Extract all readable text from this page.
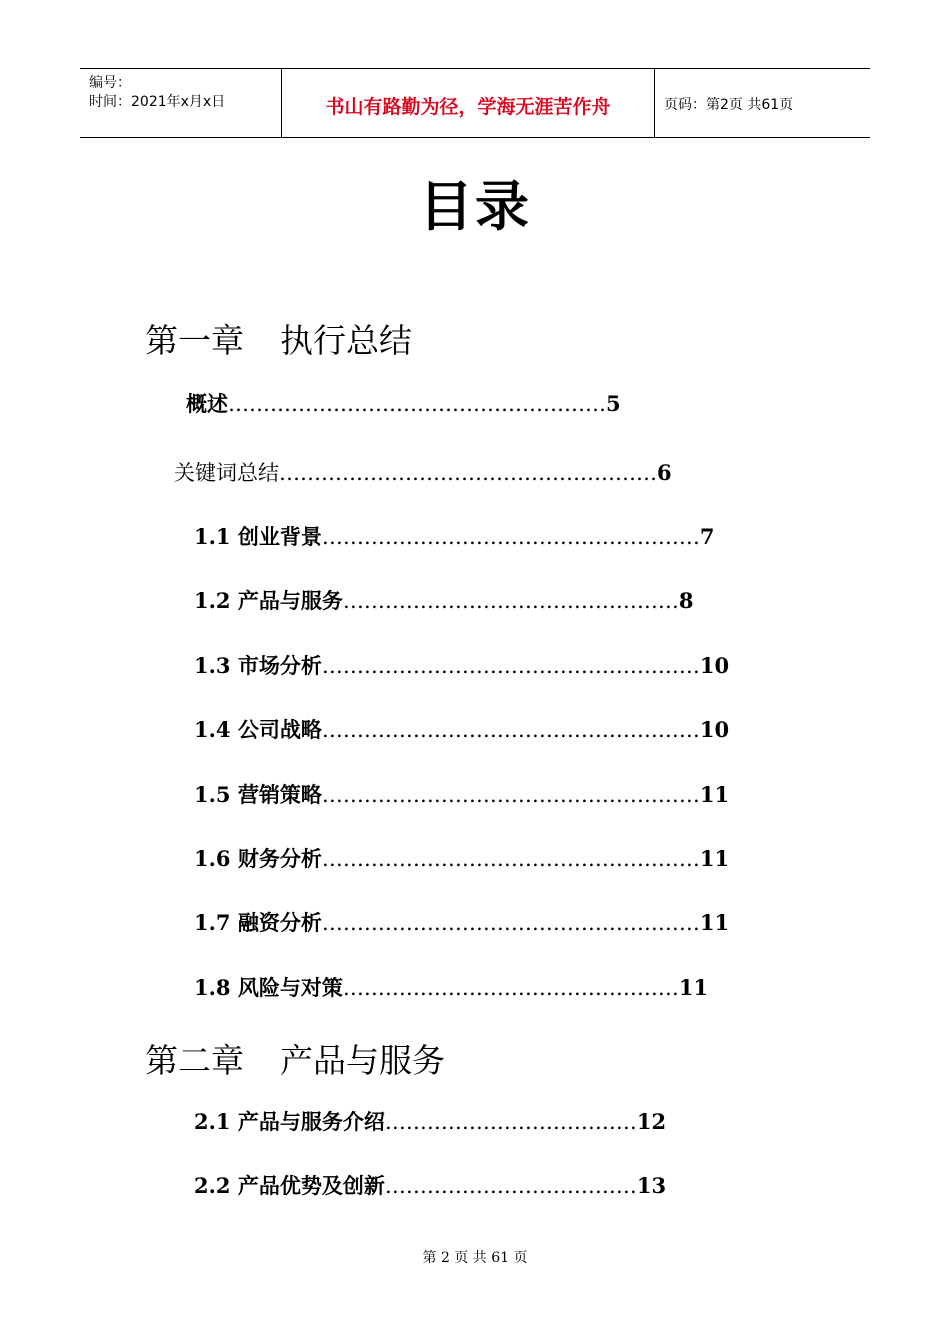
编号：
时间：2021年x月x日	书山有路勤为径，学海无涯苦作舟	页码：第2页 共61页
目录
第一章 执行总结
概述………………………………………………5
关键词总结………………………………………………6
1.1 创业背景………………………………………………7
1.2 产品与服务…………………………………………8
1.3 市场分析………………………………………………10
1.4 公司战略………………………………………………10
1.5 营销策略………………………………………………11
1.6 财务分析………………………………………………11
1.7 融资分析………………………………………………11
1.8 风险与对策…………………………………………11
第二章 产品与服务
2.1 产品与服务介绍………………………………12
2.2 产品优势及创新………………………………13
第 2 页 共 61 页
